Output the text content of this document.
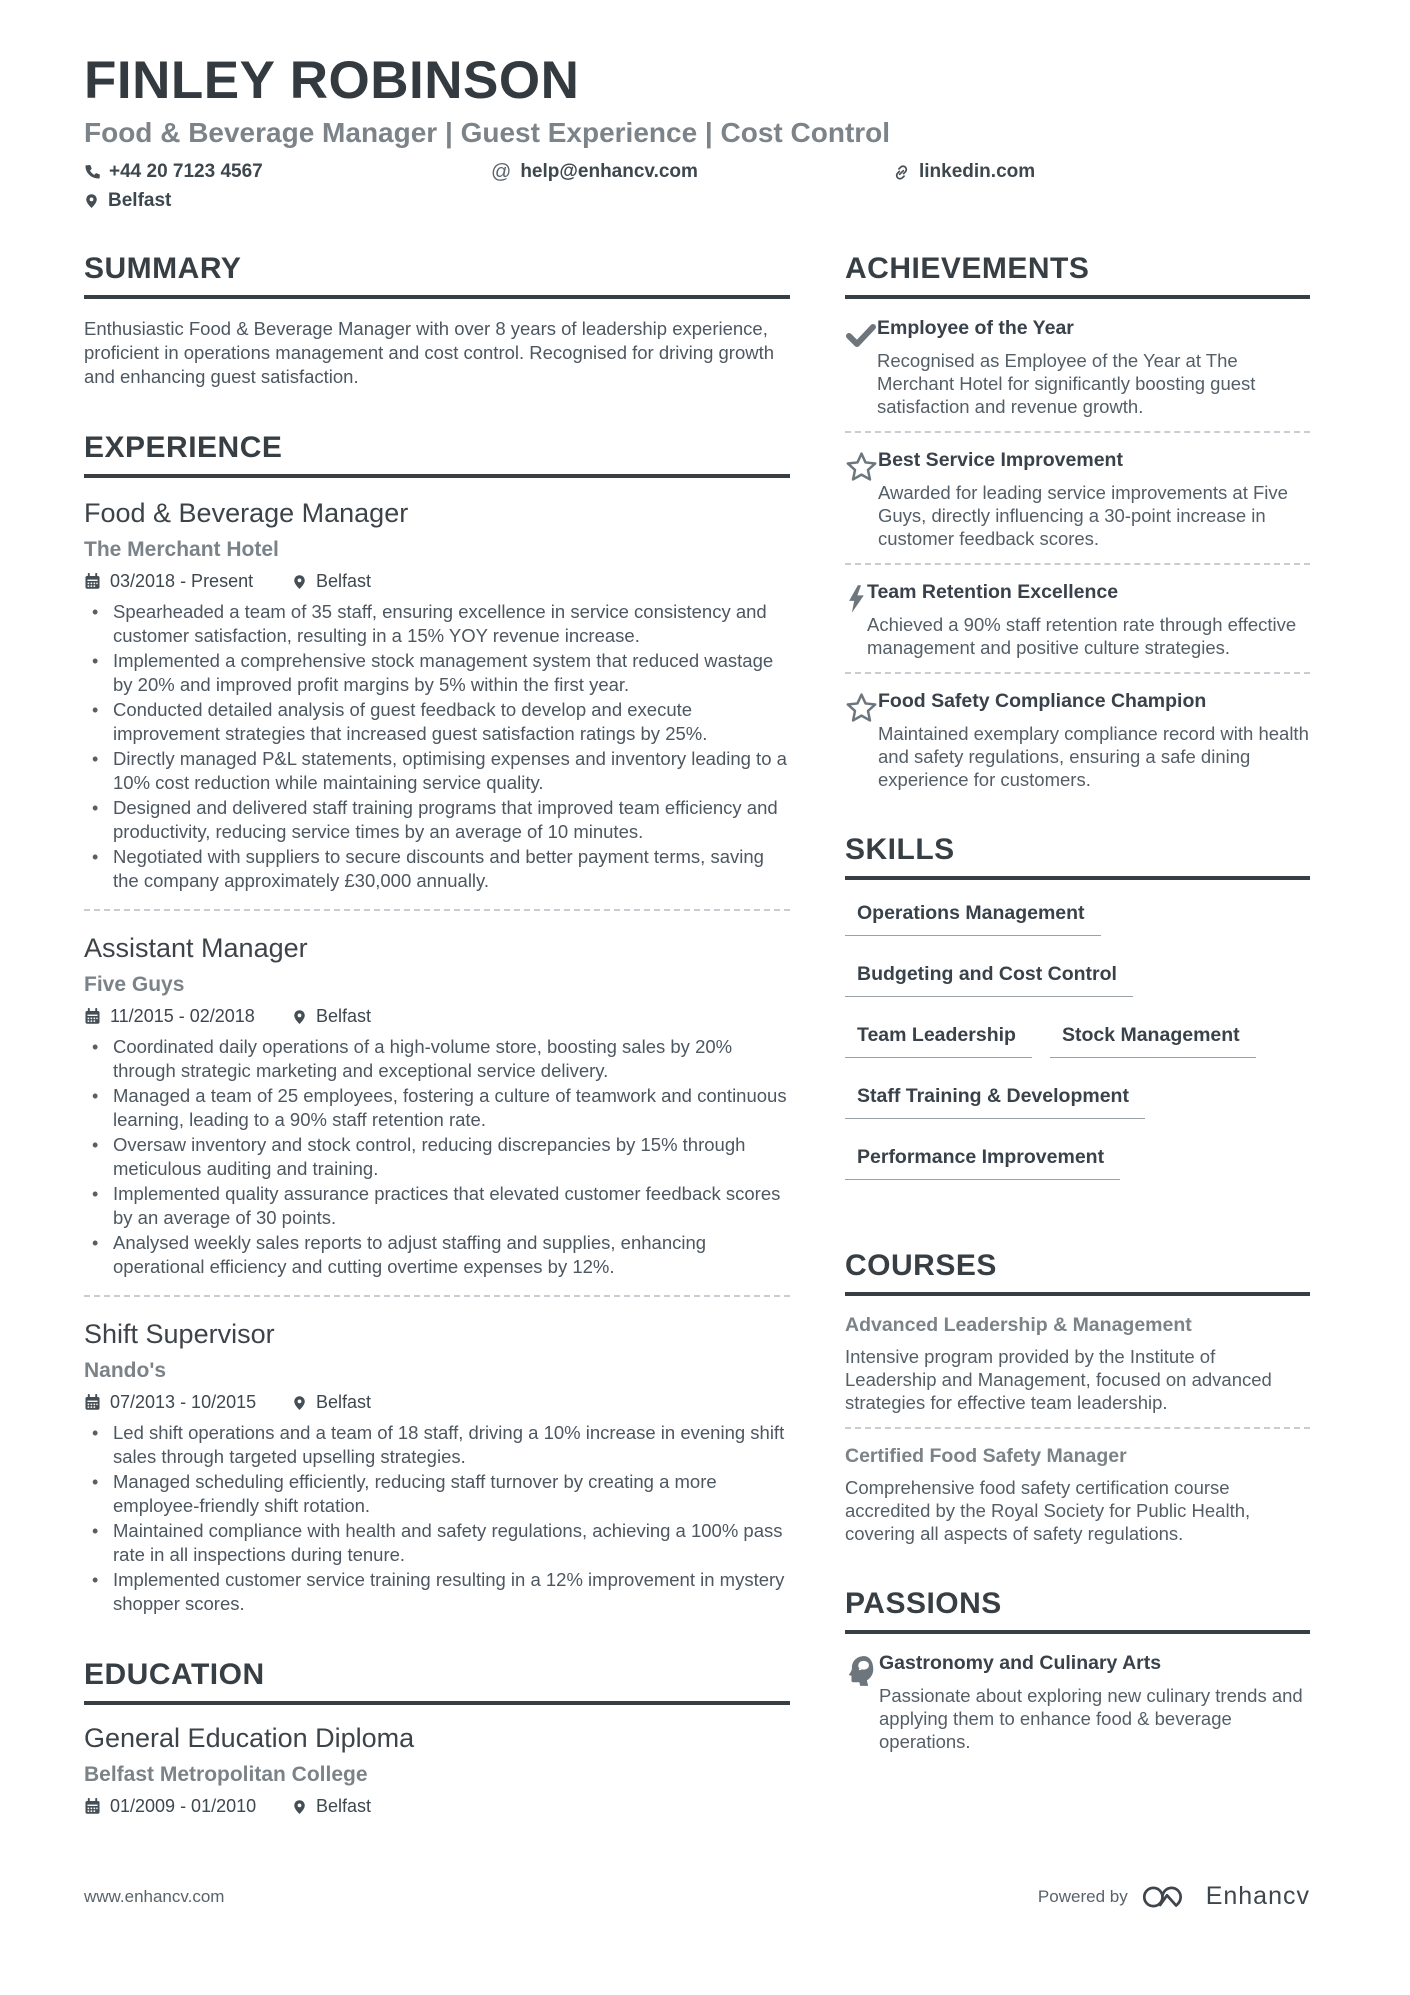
FINLEY ROBINSON
Food & Beverage Manager | Guest Experience | Cost Control
+44 20 7123 4567	@ help@enhancv.com	linkedin.com
Belfast
SUMMARY
Enthusiastic Food & Beverage Manager with over 8 years of leadership experience, proficient in operations management and cost control. Recognised for driving growth and enhancing guest satisfaction.
EXPERIENCE
Food & Beverage Manager
The Merchant Hotel
03/2018 - Present	Belfast
• Spearheaded a team of 35 staff, ensuring excellence in service consistency and customer satisfaction, resulting in a 15% YOY revenue increase.
• Implemented a comprehensive stock management system that reduced wastage by 20% and improved profit margins by 5% within the first year.
• Conducted detailed analysis of guest feedback to develop and execute improvement strategies that increased guest satisfaction ratings by 25%.
• Directly managed P&L statements, optimising expenses and inventory leading to a 10% cost reduction while maintaining service quality.
• Designed and delivered staff training programs that improved team efficiency and productivity, reducing service times by an average of 10 minutes.
• Negotiated with suppliers to secure discounts and better payment terms, saving the company approximately £30,000 annually.
Assistant Manager
Five Guys
11/2015 - 02/2018	Belfast
• Coordinated daily operations of a high-volume store, boosting sales by 20% through strategic marketing and exceptional service delivery.
• Managed a team of 25 employees, fostering a culture of teamwork and continuous learning, leading to a 90% staff retention rate.
• Oversaw inventory and stock control, reducing discrepancies by 15% through meticulous auditing and training.
• Implemented quality assurance practices that elevated customer feedback scores by an average of 30 points.
• Analysed weekly sales reports to adjust staffing and supplies, enhancing operational efficiency and cutting overtime expenses by 12%.
Shift Supervisor
Nando's
07/2013 - 10/2015	Belfast
• Led shift operations and a team of 18 staff, driving a 10% increase in evening shift sales through targeted upselling strategies.
• Managed scheduling efficiently, reducing staff turnover by creating a more employee-friendly shift rotation.
• Maintained compliance with health and safety regulations, achieving a 100% pass rate in all inspections during tenure.
• Implemented customer service training resulting in a 12% improvement in mystery shopper scores.
EDUCATION
General Education Diploma
Belfast Metropolitan College
01/2009 - 01/2010	Belfast
ACHIEVEMENTS
Employee of the Year
Recognised as Employee of the Year at The Merchant Hotel for significantly boosting guest satisfaction and revenue growth.
Best Service Improvement
Awarded for leading service improvements at Five Guys, directly influencing a 30-point increase in customer feedback scores.
Team Retention Excellence
Achieved a 90% staff retention rate through effective management and positive culture strategies.
Food Safety Compliance Champion
Maintained exemplary compliance record with health and safety regulations, ensuring a safe dining experience for customers.
SKILLS
Operations Management
Budgeting and Cost Control
Team Leadership	Stock Management
Staff Training & Development
Performance Improvement
COURSES
Advanced Leadership & Management
Intensive program provided by the Institute of Leadership and Management, focused on advanced strategies for effective team leadership.
Certified Food Safety Manager
Comprehensive food safety certification course accredited by the Royal Society for Public Health, covering all aspects of safety regulations.
PASSIONS
Gastronomy and Culinary Arts
Passionate about exploring new culinary trends and applying them to enhance food & beverage operations.
www.enhancv.com	Powered by	Enhancv
